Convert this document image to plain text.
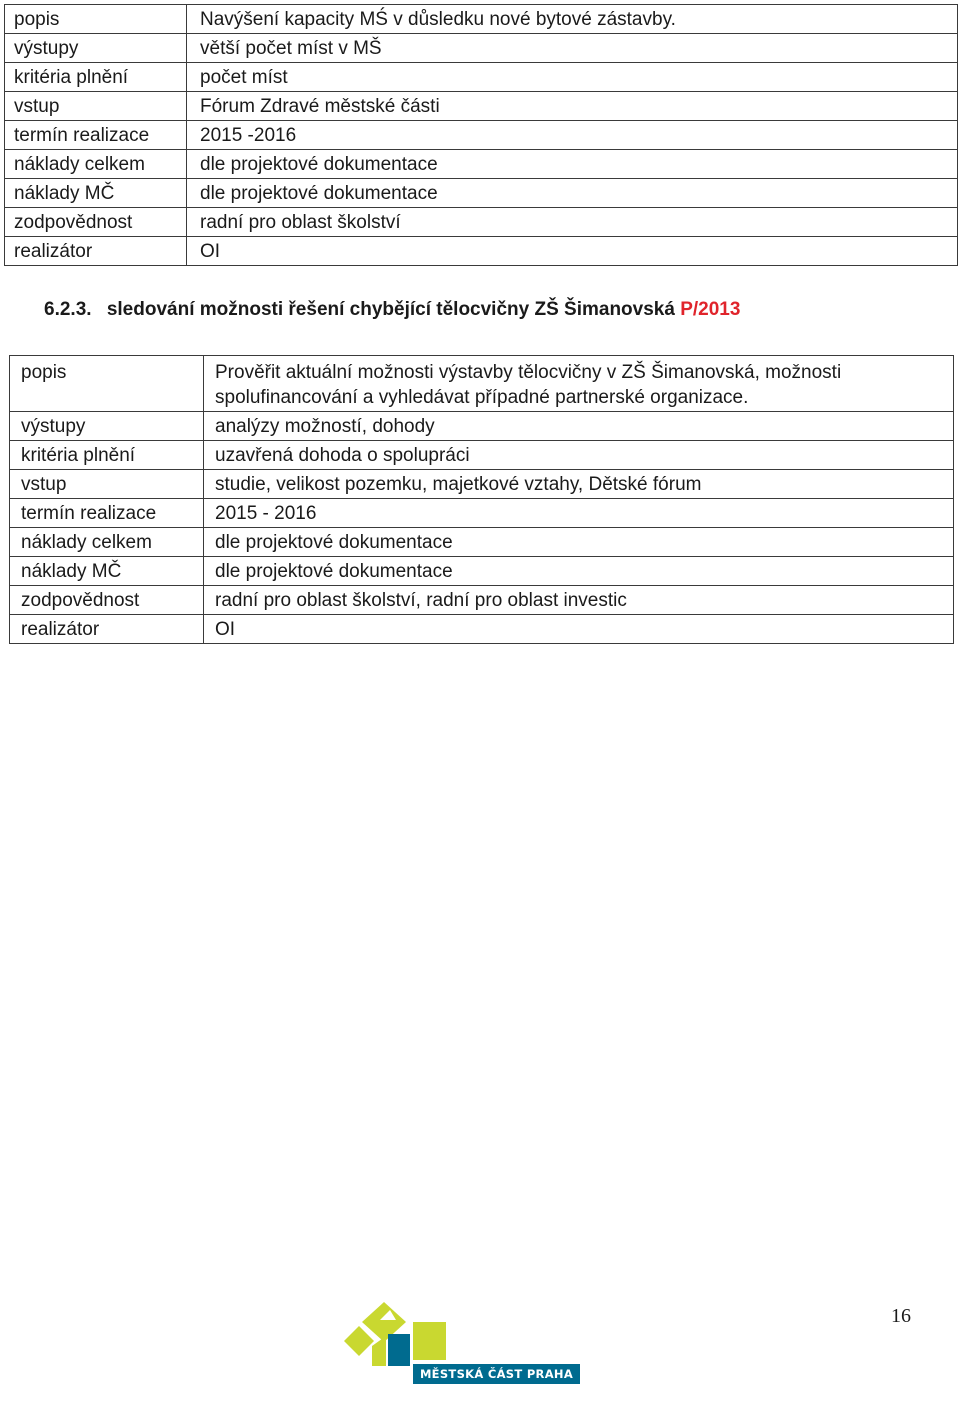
popis	Navýšení kapacity MŚ v důsledku nové bytové zástavby.
výstupy	větší počet míst v MŠ
kritéria plnění	počet míst
vstup	Fórum Zdravé městské části
termín realizace	2015 -2016
náklady celkem	dle projektové dokumentace
náklady MČ	dle projektové dokumentace
zodpovědnost	radní pro oblast školství
realizátor	OI
6.2.3. sledování možnosti řešení chybějící tělocvičny ZŠ Šimanovská P/2013
popis	Prověřit aktuální možnosti výstavby tělocvičny v ZŠ Šimanovská, možnosti spolufinancování a vyhledávat případné partnerské organizace.
výstupy	analýzy možností, dohody
kritéria plnění	uzavřená dohoda o spolupráci
vstup	studie, velikost pozemku, majetkové vztahy, Dětské fórum
termín realizace	2015 - 2016
náklady celkem	dle projektové dokumentace
náklady MČ	dle projektové dokumentace
zodpovědnost	radní pro oblast školství, radní pro oblast investic
realizátor	OI
MĚSTSKÁ ČÁST PRAHA 14
16
